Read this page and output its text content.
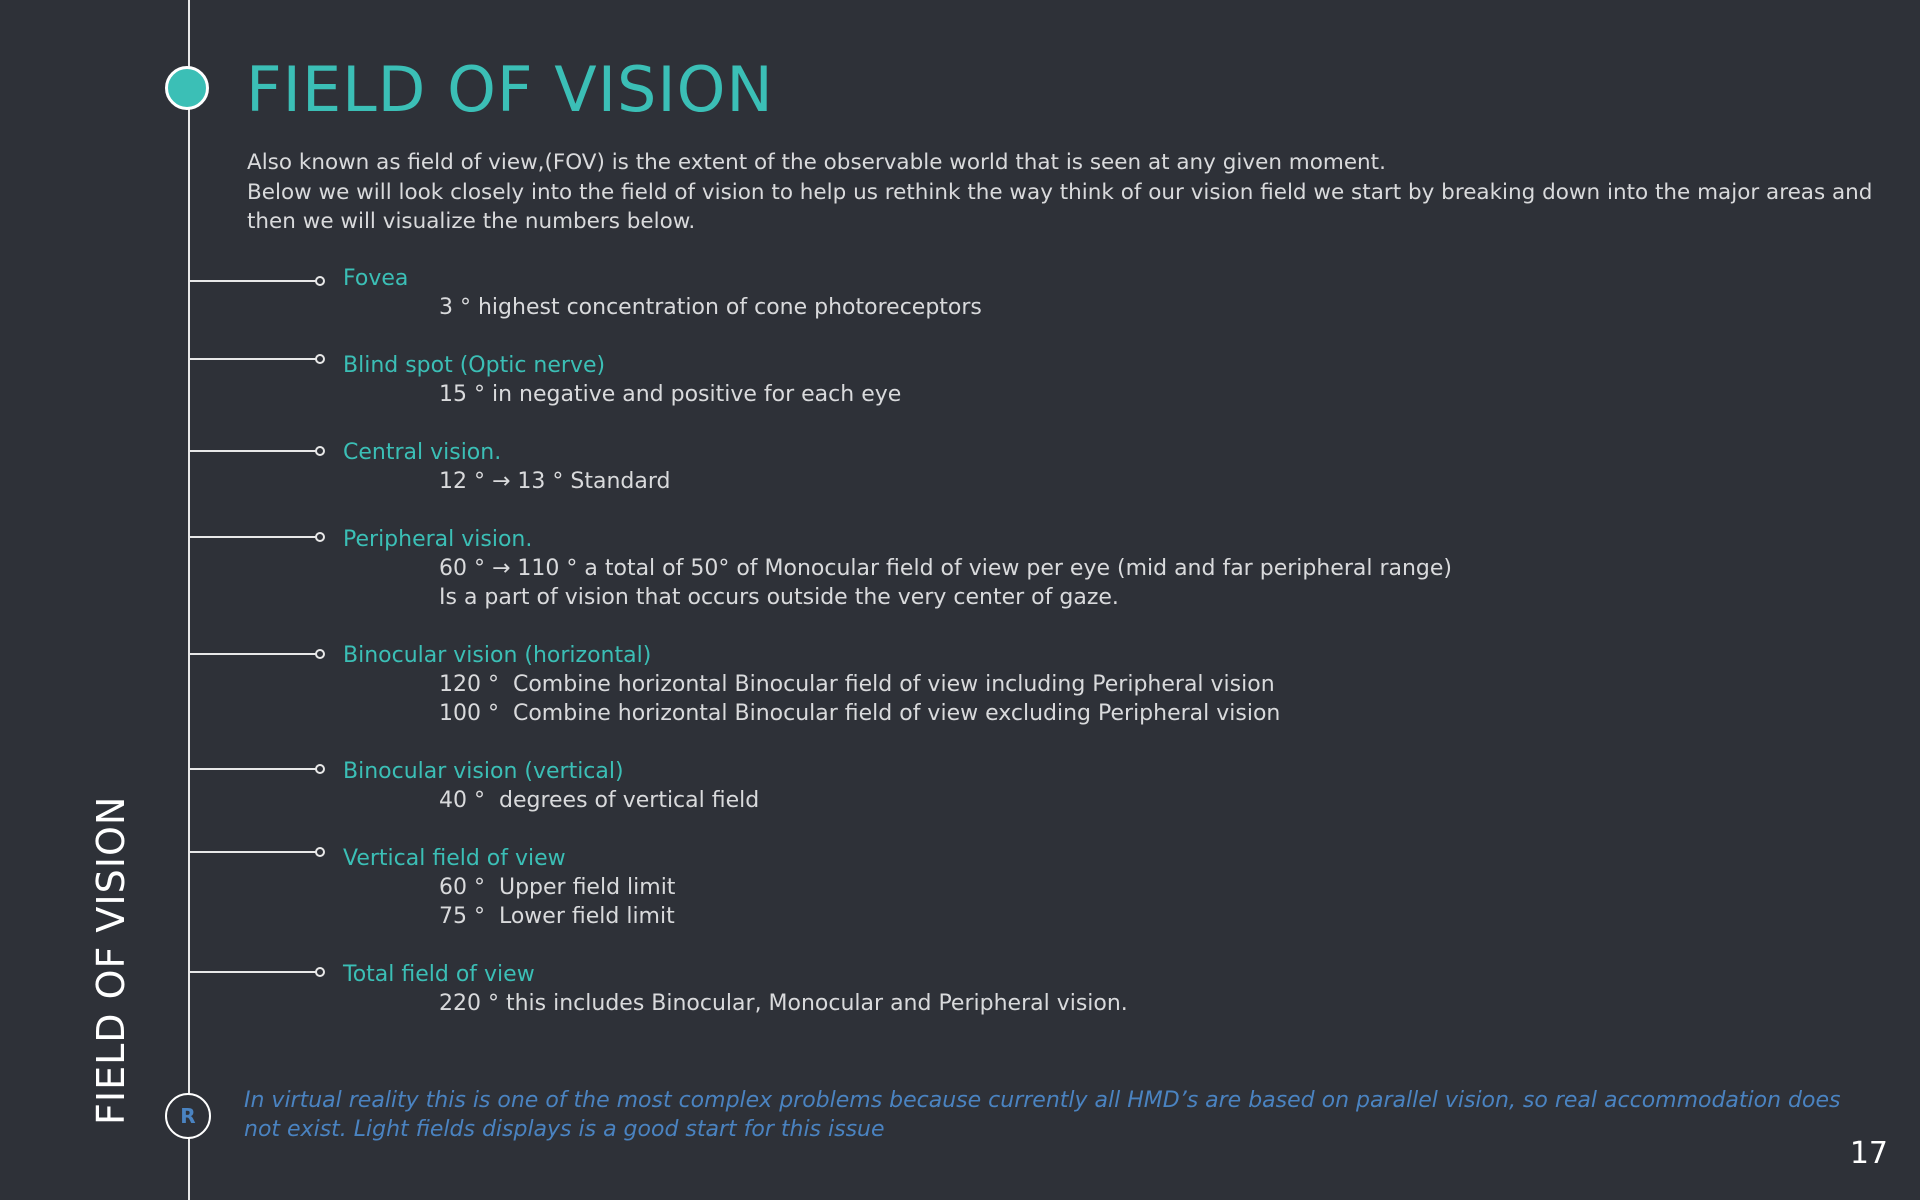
FIELD OF VISION

Also known as field of view,(FOV) is the extent of the observable world that is seen at any given moment.

Below we will look closely into the field of vision to help us rethink the way think of our vision field we start by breaking down into the major areas and then we will visualize the numbers below.

Fovea
3 ° highest concentration of cone photoreceptors
Blind spot (Optic nerve)
15 ° in negative and positive for each eye
Central vision.
12 ° → 13 ° Standard
Peripheral vision.
60 ° → 110 ° a total of 50° of Monocular field of view per eye (mid and far peripheral range)
Is a part of vision that occurs outside the very center of gaze.
Binocular vision (horizontal)
120 °  Combine horizontal Binocular field of view including Peripheral vision
100 °  Combine horizontal Binocular field of view excluding Peripheral vision
Binocular vision (vertical)
40 °  degrees of vertical field
Vertical field of view
60 °  Upper field limit
75 °  Lower field limit
Total field of view
220 ° this includes Binocular, Monocular and Peripheral vision.
R
In virtual reality this is one of the most complex problems because currently all HMD’s are based on parallel vision, so real accommodation does not exist. Light fields displays is a good start for this issue
FIELD OF VISION
17
